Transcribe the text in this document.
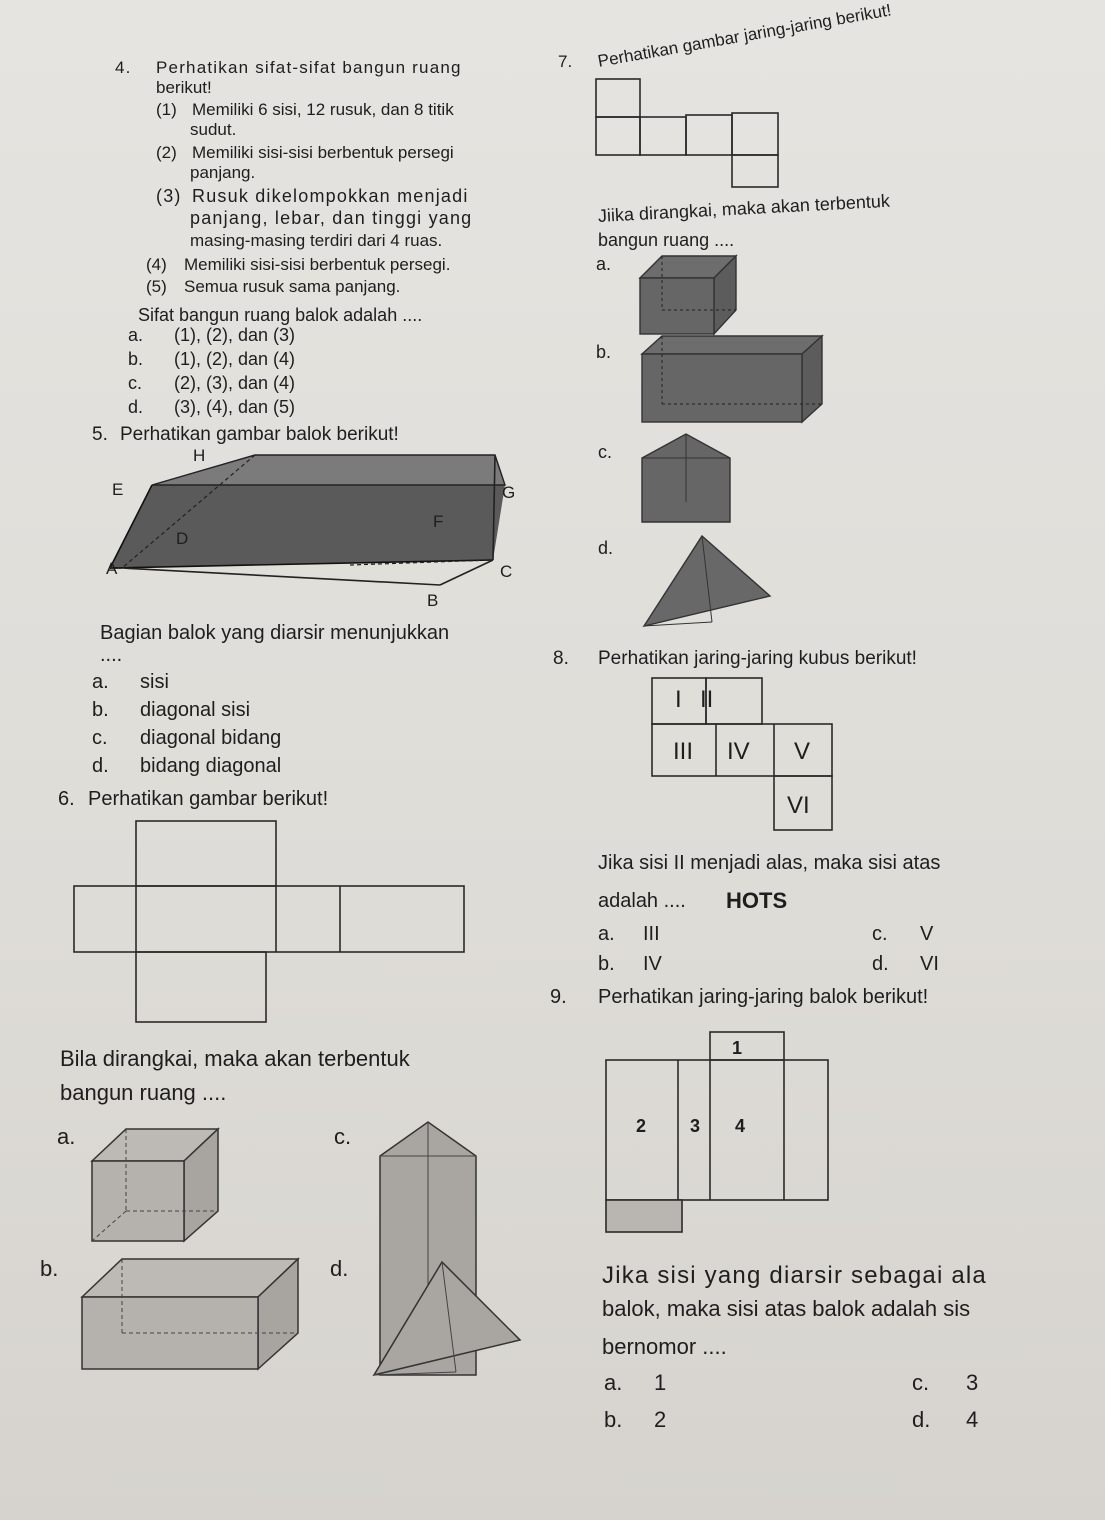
4. Perhatikan sifat-sifat bangun ruang
berikut!
(1) Memiliki 6 sisi, 12 rusuk, dan 8 titik
sudut.
(2) Memiliki sisi-sisi berbentuk persegi
panjang.
(3) Rusuk dikelompokkan menjadi
panjang, lebar, dan tinggi yang
masing-masing terdiri dari 4 ruas.
(4) Memiliki sisi-sisi berbentuk persegi.
(5) Semua rusuk sama panjang.
Sifat bangun ruang balok adalah ....
a. (1), (2), dan (3)
b. (1), (2), dan (4)
c. (2), (3), dan (4)
d. (3), (4), dan (5)
5. Perhatikan gambar balok berikut!
H
E	G
F
D
A	C
B
Bagian balok yang diarsir menunjukkan
....
a. sisi
b. diagonal sisi
c. diagonal bidang
d. bidang diagonal
6. Perhatikan gambar berikut!
Bila dirangkai, maka akan terbentuk
bangun ruang ....
a.	c.
b.	d.
7. Perhatikan gambar jaring-jaring berikut!
Jiika dirangkai, maka akan terbentuk
bangun ruang ....
a.
b.
c.
d.
8. Perhatikan jaring-jaring kubus berikut!
I II
III IV V
VI
Jika sisi II menjadi alas, maka sisi atas
adalah .... HOTS
a. III	c. V
b. IV	d. VI
9. Perhatikan jaring-jaring balok berikut!
1
2 3 4
Jika sisi yang diarsir sebagai ala
balok, maka sisi atas balok adalah sis
bernomor ....
a. 1	c. 3
b. 2	d. 4
